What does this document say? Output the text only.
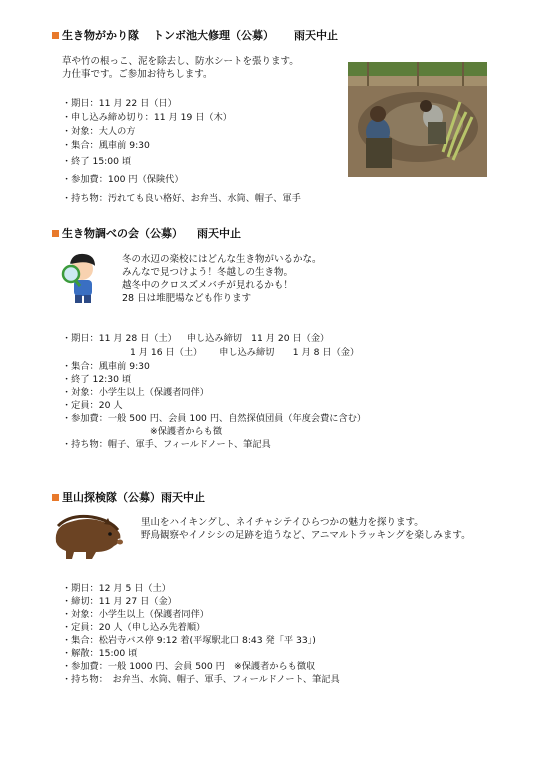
生き物がかり隊 トンボ池大修理（公募） 雨天中止
草や竹の根っこ、泥を除去し、防水シートを張ります。
力仕事です。ご参加お待ちします。
・期日：11 月 22 日（日）
・申し込み締め切り：11 月 19 日（木）
・対象：大人の方
・集合：風車前 9:30
・終了 15:00 頃
・参加費：100 円（保険代）
・持ち物：汚れても良い格好、お弁当、水筒、帽子、軍手
生き物調べの会（公募） 雨天中止
冬の水辺の楽校にはどんな生き物がいるかな。
みんなで見つけよう！冬越しの生き物。
越冬中のクロスズメバチが見れるかも！
28 日は堆肥場なども作ります
・期日：11 月 28 日（土） 申し込み締切　11 月 20 日（金）
1 月 16 日（土） 申し込み締切　　1 月 8 日（金）
・集合：風車前 9:30
・終了 12:30 頃
・対象：小学生以上（保護者同伴）
・定員：20 人
・参加費：一般 500 円、会員 100 円、自然探偵団員（年度会費に含む）
※保護者からも徴
・持ち物：帽子、軍手、フィールドノート、筆記具
里山探検隊（公募）雨天中止
里山をハイキングし、ネイチャシテイひらつかの魅力を探ります。
野鳥観察やイノシシの足跡を追うなど、アニマルトラッキングを楽しみます。
・期日：12 月 5 日（土）
・締切：11 月 27 日（金）
・対象：小学生以上（保護者同伴）
・定員：20 人（申し込み先着順）
・集合：松岩寺バス停 9:12 着(平塚駅北口 8:43 発「平 33」)
・解散：15:00 頃
・参加費：一般 1000 円、会員 500 円　※保護者からも徴収
・持ち物：　お弁当、水筒、帽子、軍手、フィールドノート、筆記具
